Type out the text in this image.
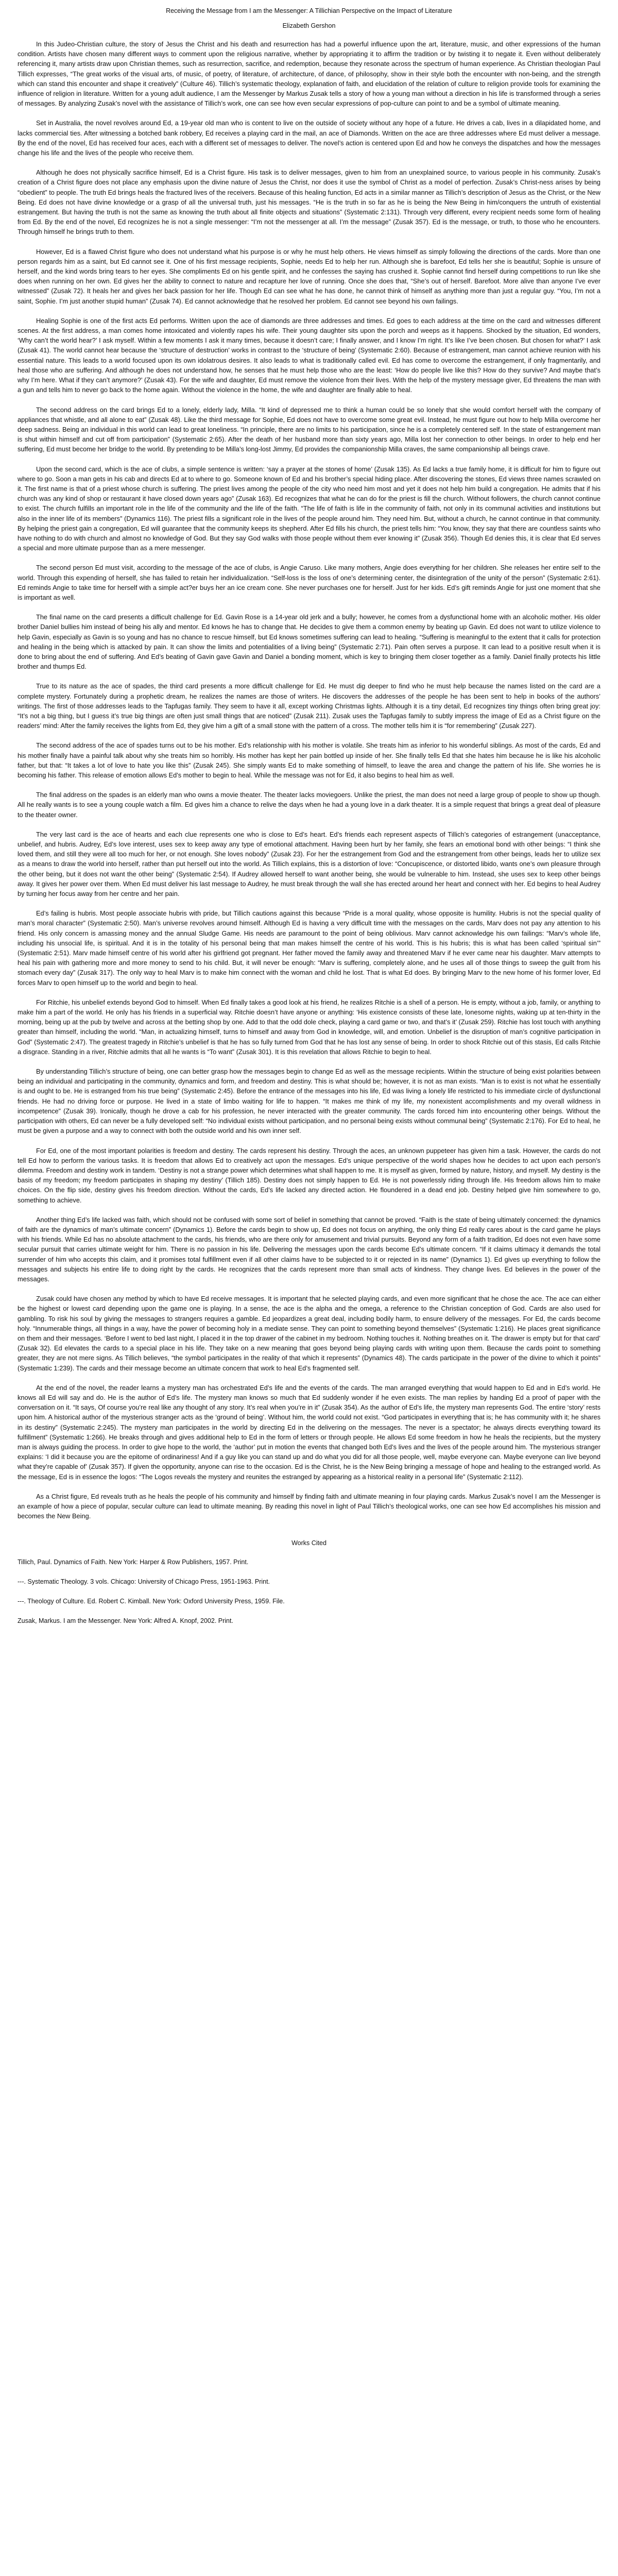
Receiving the Message from I am the Messenger: A Tillichian Perspective on the Impact of Literature
Elizabeth Gershon

In this Judeo-Christian culture, the story of Jesus the Christ and his death and resurrection has had a powerful influence upon the art, literature, music, and other expressions of the human condition. Artists have chosen many different ways to comment upon the religious narrative, whether by appropriating it to affirm the tradition or by twisting it to negate it. Even without deliberately referencing it, many artists draw upon Christian themes, such as resurrection, sacrifice, and redemption, because they resonate across the spectrum of human experience. As Christian theologian Paul Tillich expresses, “The great works of the visual arts, of music, of poetry, of literature, of architecture, of dance, of philosophy, show in their style both the encounter with non-being, and the strength which can stand this encounter and shape it creatively” (Culture 46). Tillich’s systematic theology, explanation of faith, and elucidation of the relation of culture to religion provide tools for examining the influence of religion in literature. Written for a young adult audience, I am the Messenger by Markus Zusak tells a story of how a young man without a direction in his life is transformed through a series of messages. By analyzing Zusak’s novel with the assistance of Tillich’s work, one can see how even secular expressions of pop-culture can point to and be a symbol of ultimate meaning.

Set in Australia, the novel revolves around Ed, a 19-year old man who is content to live on the outside of society without any hope of a future. He drives a cab, lives in a dilapidated home, and lacks commercial ties. After witnessing a botched bank robbery, Ed receives a playing card in the mail, an ace of Diamonds. Written on the ace are three addresses where Ed must deliver a message. By the end of the novel, Ed has received four aces, each with a different set of messages to deliver. The novel’s action is centered upon Ed and how he conveys the dispatches and how the messages change his life and the lives of the people who receive them.

Although he does not physically sacrifice himself, Ed is a Christ figure. His task is to deliver messages, given to him from an unexplained source, to various people in his community. Zusak’s creation of a Christ figure does not place any emphasis upon the divine nature of Jesus the Christ, nor does it use the symbol of Christ as a model of perfection. Zusak’s Christ-ness arises by being “obedient” to people. The truth Ed brings heals the fractured lives of the receivers. Because of this healing function, Ed acts in a similar manner as Tillich’s description of Jesus as the Christ, or the New Being. Ed does not have divine knowledge or a grasp of all the universal truth, just his messages. “He is the truth in so far as he is being the New Being in him/conquers the untruth of existential estrangement. But having the truth is not the same as knowing the truth about all finite objects and situations” (Systematic 2:131). Through very different, every recipient needs some form of healing from Ed. By the end of the novel, Ed recognizes he is not a single messenger: “I’m not the messenger at all. I’m the message” (Zusak 357). Ed is the message, or truth, to those who he encounters. Through himself he brings truth to them.

However, Ed is a flawed Christ figure who does not understand what his purpose is or why he must help others. He views himself as simply following the directions of the cards. More than one person regards him as a saint, but Ed cannot see it. One of his first message recipients, Sophie, needs Ed to help her run. Although she is barefoot, Ed tells her she is beautiful; Sophie is unsure of herself, and the kind words bring tears to her eyes. She compliments Ed on his gentle spirit, and he confesses the saying has crushed it. Sophie cannot find herself during competitions to run like she does when running on her own. Ed gives her the ability to connect to nature and recapture her love of running. Once she does that, “She’s out of herself. Barefoot. More alive than anyone I’ve ever witnessed” (Zusak 72). It heals her and gives her back passion for her life. Though Ed can see what he has done, he cannot think of himself as anything more than just a regular guy. “You, I’m not a saint, Sophie. I’m just another stupid human” (Zusak 74). Ed cannot acknowledge that he resolved her problem. Ed cannot see beyond his own failings.

Healing Sophie is one of the first acts Ed performs. Written upon the ace of diamonds are three addresses and times. Ed goes to each address at the time on the card and witnesses different scenes. At the first address, a man comes home intoxicated and violently rapes his wife. Their young daughter sits upon the porch and weeps as it happens. Shocked by the situation, Ed wonders, ‘Why can’t the world hear?’ I ask myself. Within a few moments I ask it many times, because it doesn’t care; I finally answer, and I know I’m right. It’s like I’ve been chosen. But chosen for what?’ I ask (Zusak 41). The world cannot hear because the ‘structure of destruction’ works in contrast to the ‘structure of being’ (Systematic 2:60). Because of estrangement, man cannot achieve reunion with his essential nature. This leads to a world focused upon its own idolatrous desires. It also leads to what is traditionally called evil. Ed has come to overcome the estrangement, if only fragmentarily, and heal those who are suffering. And although he does not understand how, he senses that he must help those who are the least: ‘How do people live like this? How do they survive? And maybe that’s why I’m here. What if they can’t anymore?’ (Zusak 43). For the wife and daughter, Ed must remove the violence from their lives. With the help of the mystery message giver, Ed threatens the man with a gun and tells him to never go back to the home again. Without the violence in the home, the wife and daughter are finally able to heal.

The second address on the card brings Ed to a lonely, elderly lady, Milla. “It kind of depressed me to think a human could be so lonely that she would comfort herself with the company of appliances that whistle, and all alone to eat” (Zusak 48). Like the third message for Sophie, Ed does not have to overcome some great evil. Instead, he must figure out how to help Milla overcome her deep sadness. Being an individual in this world can lead to great loneliness. “In principle, there are no limits to his participation, since he is a completely centered self. In the state of estrangement man is shut within himself and cut off from participation” (Systematic 2:65). After the death of her husband more than sixty years ago, Milla lost her connection to other beings. In order to help end her suffering, Ed must become her bridge to the world. By pretending to be Milla’s long-lost Jimmy, Ed provides the companionship Milla craves, the same companionship all beings crave.

Upon the second card, which is the ace of clubs, a simple sentence is written: ‘say a prayer at the stones of home’ (Zusak 135). As Ed lacks a true family home, it is difficult for him to figure out where to go. Soon a man gets in his cab and directs Ed at to where to go. Someone known of Ed and his brother’s special hiding place. After discovering the stones, Ed views three names scrawled on it. The first name is that of a priest whose church is suffering. The priest lives among the people of the city who need him most and yet it does not help him build a congregation. He admits that if his church was any kind of shop or restaurant it have closed down years ago” (Zusak 163). Ed recognizes that what he can do for the priest is fill the church. Without followers, the church cannot continue to exist. The church fulfills an important role in the life of the community and the life of the faith. “The life of faith is life in the community of faith, not only in its communal activities and institutions but also in the inner life of its members” (Dynamics 116). The priest fills a significant role in the lives of the people around him. They need him. But, without a church, he cannot continue in that community. By helping the priest gain a congregation, Ed will guarantee that the community keeps its shepherd. After Ed fills his church, the priest tells him: “You know, they say that there are countless saints who have nothing to do with church and almost no knowledge of God. But they say God walks with those people without them ever knowing it” (Zusak 356). Though Ed denies this, it is clear that Ed serves a special and more ultimate purpose than as a mere messenger.

The second person Ed must visit, according to the message of the ace of clubs, is Angie Caruso. Like many mothers, Angie does everything for her children. She releases her entire self to the world. Through this expending of herself, she has failed to retain her individualization. “Self-loss is the loss of one’s determining center, the disintegration of the unity of the person” (Systematic 2:61). Ed reminds Angie to take time for herself with a simple act?er buys her an ice cream cone. She never purchases one for herself. Just for her kids. Ed’s gift reminds Angie for just one moment that she is important as well.

The final name on the card presents a difficult challenge for Ed. Gavin Rose is a 14-year old jerk and a bully; however, he comes from a dysfunctional home with an alcoholic mother. His older brother Daniel bullies him instead of being his ally and mentor. Ed knows he has to change that. He decides to give them a common enemy by beating up Gavin. Ed does not want to utilize violence to help Gavin, especially as Gavin is so young and has no chance to rescue himself, but Ed knows sometimes suffering can lead to healing. “Suffering is meaningful to the extent that it calls for protection and healing in the being which is attacked by pain. It can show the limits and potentialities of a living being” (Systematic 2:71). Pain often serves a purpose. It can lead to a positive result when it is done to bring about the end of suffering. And Ed’s beating of Gavin gave Gavin and Daniel a bonding moment, which is key to bringing them closer together as a family. Daniel finally protects his little brother and thumps Ed.

True to its nature as the ace of spades, the third card presents a more difficult challenge for Ed. He must dig deeper to find who he must help because the names listed on the card are a complete mystery. Fortunately during a prophetic dream, he realizes the names are those of writers. He discovers the addresses of the people he has been sent to help in books of the authors’ writings. The first of those addresses leads to the Tapfugas family. They seem to have it all, except working Christmas lights. Although it is a tiny detail, Ed recognizes tiny things often bring great joy: “It’s not a big thing, but I guess it’s true big things are often just small things that are noticed” (Zusak 211). Zusak uses the Tapfugas family to subtly impress the image of Ed as a Christ figure on the readers’ mind: After the family receives the lights from Ed, they give him a gift of a small stone with the pattern of a cross. The mother tells him it is “for remembering” (Zusak 227).

The second address of the ace of spades turns out to be his mother. Ed’s relationship with his mother is volatile. She treats him as inferior to his wonderful siblings. As most of the cards, Ed and his mother finally have a painful talk about why she treats him so horribly. His mother has kept her pain bottled up inside of her. She finally tells Ed that she hates him because he is like his alcoholic father, but that: “It takes a lot of love to hate you like this” (Zusak 245). She simply wants Ed to make something of himself, to leave the area and change the pattern of his life. She worries he is becoming his father. This release of emotion allows Ed’s mother to begin to heal. While the message was not for Ed, it also begins to heal him as well.

The final address on the spades is an elderly man who owns a movie theater. The theater lacks moviegoers. Unlike the priest, the man does not need a large group of people to show up though. All he really wants is to see a young couple watch a film. Ed gives him a chance to relive the days when he had a young love in a dark theater. It is a simple request that brings a great deal of pleasure to the theater owner.

The very last card is the ace of hearts and each clue represents one who is close to Ed’s heart. Ed’s friends each represent aspects of Tillich’s categories of estrangement (unacceptance, unbelief, and hubris. Audrey, Ed’s love interest, uses sex to keep away any type of emotional attachment. Having been hurt by her family, she fears an emotional bond with other beings: “I think she loved them, and still they were all too much for her, or not enough. She loves nobody” (Zusak 23). For her the estrangement from God and the estrangement from other beings, leads her to utilize sex as a means to draw the world into herself, rather than put herself out into the world. As Tillich explains, this is a distortion of love: “Concupiscence, or distorted libido, wants one’s own pleasure through the other being, but it does not want the other being” (Systematic 2:54). If Audrey allowed herself to want another being, she would be vulnerable to him. Instead, she uses sex to keep other beings away. It gives her power over them. When Ed must deliver his last message to Audrey, he must break through the wall she has erected around her heart and connect with her. Ed begins to heal Audrey by turning her focus away from her centre and her pain.

Ed’s failing is hubris. Most people associate hubris with pride, but Tillich cautions against this because “Pride is a moral quality, whose opposite is humility. Hubris is not the special quality of man’s moral character” (Systematic 2:50). Man’s universe revolves around himself. Although Ed is having a very difficult time with the messages on the cards, Marv does not pay any attention to his friend. His only concern is amassing money and the annual Sludge Game. His needs are paramount to the point of being oblivious. Marv cannot acknowledge his own failings: “Marv’s whole life, including his unsocial life, is spiritual. And it is in the totality of his personal being that man makes himself the centre of his world. This is his hubris; this is what has been called ‘spiritual sin’” (Systematic 2:51). Marv made himself centre of his world after his girlfriend got pregnant. Her father moved the family away and threatened Marv if he ever came near his daughter. Marv attempts to heal his pain with gathering more and more money to send to his child. But, it will never be enough: “Marv is suffering, completely alone, and he uses all of those things to sweep the guilt from his stomach every day” (Zusak 317). The only way to heal Marv is to make him connect with the woman and child he lost. That is what Ed does. By bringing Marv to the new home of his former lover, Ed forces Marv to open himself up to the world and begin to heal.

For Ritchie, his unbelief extends beyond God to himself. When Ed finally takes a good look at his friend, he realizes Ritchie is a shell of a person. He is empty, without a job, family, or anything to make him a part of the world. He only has his friends in a superficial way. Ritchie doesn’t have anyone or anything: ‘His existence consists of these late, lonesome nights, waking up at ten-thirty in the morning, being up at the pub by twelve and across at the betting shop by one. Add to that the odd dole check, playing a card game or two, and that’s it’ (Zusak 259). Ritchie has lost touch with anything greater than himself, including the world. “Man, in actualizing himself, turns to himself and away from God in knowledge, will, and emotion. Unbelief is the disruption of man’s cognitive participation in God” (Systematic 2:47). The greatest tragedy in Ritchie’s unbelief is that he has so fully turned from God that he has lost any sense of being. In order to shock Ritchie out of this stasis, Ed calls Ritchie a disgrace. Standing in a river, Ritchie admits that all he wants is “To want” (Zusak 301). It is this revelation that allows Ritchie to begin to heal.

By understanding Tillich’s structure of being, one can better grasp how the messages begin to change Ed as well as the message recipients. Within the structure of being exist polarities between being an individual and participating in the community, dynamics and form, and freedom and destiny. This is what should be; however, it is not as man exists. “Man is to exist is not what he essentially is and ought to be. He is estranged from his true being” (Systematic 2:45). Before the entrance of the messages into his life, Ed was living a lonely life restricted to his immediate circle of dysfunctional friends. He had no driving force or purpose. He lived in a state of limbo waiting for life to happen. “It makes me think of my life, my nonexistent accomplishments and my overall wildness in incompetence” (Zusak 39). Ironically, though he drove a cab for his profession, he never interacted with the greater community. The cards forced him into encountering other beings. Without the participation with others, Ed can never be a fully developed self: “No individual exists without participation, and no personal being exists without communal being” (Systematic 2:176). For Ed to heal, he must be given a purpose and a way to connect with both the outside world and his own inner self.

For Ed, one of the most important polarities is freedom and destiny. The cards represent his destiny. Through the aces, an unknown puppeteer has given him a task. However, the cards do not tell Ed how to perform the various tasks. It is freedom that allows Ed to creatively act upon the messages. Ed’s unique perspective of the world shapes how he decides to act upon each person’s dilemma. Freedom and destiny work in tandem. ‘Destiny is not a strange power which determines what shall happen to me. It is myself as given, formed by nature, history, and myself. My destiny is the basis of my freedom; my freedom participates in shaping my destiny’ (Tillich 185). Destiny does not simply happen to Ed. He is not powerlessly riding through life. His freedom allows him to make choices. On the flip side, destiny gives his freedom direction. Without the cards, Ed’s life lacked any directed action. He floundered in a dead end job. Destiny helped give him somewhere to go, something to achieve.

Another thing Ed’s life lacked was faith, which should not be confused with some sort of belief in something that cannot be proved. “Faith is the state of being ultimately concerned: the dynamics of faith are the dynamics of man’s ultimate concern” (Dynamics 1). Before the cards begin to show up, Ed does not focus on anything, the only thing Ed really cares about is the card game he plays with his friends. While Ed has no absolute attachment to the cards, his friends, who are there only for amusement and trivial pursuits. Beyond any form of a faith tradition, Ed does not even have some secular pursuit that carries ultimate weight for him. There is no passion in his life. Delivering the messages upon the cards become Ed’s ultimate concern. “If it claims ultimacy it demands the total surrender of him who accepts this claim, and it promises total fulfillment even if all other claims have to be subjected to it or rejected in its name” (Dynamics 1). Ed gives up everything to follow the messages and subjects his entire life to doing right by the cards. He recognizes that the cards represent more than small acts of kindness. They change lives. Ed believes in the power of the messages.

Zusak could have chosen any method by which to have Ed receive messages. It is important that he selected playing cards, and even more significant that he chose the ace. The ace can either be the highest or lowest card depending upon the game one is playing. In a sense, the ace is the alpha and the omega, a reference to the Christian conception of God. Cards are also used for gambling. To risk his soul by giving the messages to strangers requires a gamble. Ed jeopardizes a great deal, including bodily harm, to ensure delivery of the messages. For Ed, the cards become holy. “Innumerable things, all things in a way, have the power of becoming holy in a mediate sense. They can point to something beyond themselves” (Systematic 1:216). He places great significance on them and their messages. ‘Before I went to bed last night, I placed it in the top drawer of the cabinet in my bedroom. Nothing touches it. Nothing breathes on it. The drawer is empty but for that card’ (Zusak 32). Ed elevates the cards to a special place in his life. They take on a new meaning that goes beyond being playing cards with writing upon them. Because the cards point to something greater, they are not mere signs. As Tillich believes, “the symbol participates in the reality of that which it represents” (Dynamics 48). The cards participate in the power of the divine to which it points” (Systematic 1:239). The cards and their message become an ultimate concern that work to heal Ed’s fragmented self.

At the end of the novel, the reader learns a mystery man has orchestrated Ed’s life and the events of the cards. The man arranged everything that would happen to Ed and in Ed’s world. He knows all Ed will say and do. He is the author of Ed’s life. The mystery man knows so much that Ed suddenly wonder if he even exists. The man replies by handing Ed a proof of paper with the conversation on it. “It says, Of course you’re real like any thought of any story. It’s real when you’re in it” (Zusak 354). As the author of Ed’s life, the mystery man represents God. The entire ‘story’ rests upon him. A historical author of the mysterious stranger acts as the ‘ground of being’. Without him, the world could not exist. “God participates in everything that is; he has community with it; he shares in its destiny” (Systematic 2:245). The mystery man participates in the world by directing Ed in the delivering on the messages. The never is a spectator; he always directs everything toward its fulfillment” (Systematic 1:266). He breaks through and gives additional help to Ed in the form of letters or through people. He allows Ed some freedom in how he heals the recipients, but the mystery man is always guiding the process. In order to give hope to the world, the ‘author’ put in motion the events that changed both Ed’s lives and the lives of the people around him. The mysterious stranger explains: ‘I did it because you are the epitome of ordinariness! And if a guy like you can stand up and do what you did for all those people, well, maybe everyone can. Maybe everyone can live beyond what they’re capable of’ (Zusak 357). If given the opportunity, anyone can rise to the occasion. Ed is the Christ, he is the New Being bringing a message of hope and healing to the estranged world. As the message, Ed is in essence the logos: “The Logos reveals the mystery and reunites the estranged by appearing as a historical reality in a personal life” (Systematic 2:112).

As a Christ figure, Ed reveals truth as he heals the people of his community and himself by finding faith and ultimate meaning in four playing cards. Markus Zusak’s novel I am the Messenger is an example of how a piece of popular, secular culture can lead to ultimate meaning. By reading this novel in light of Paul Tillich’s theological works, one can see how Ed accomplishes his mission and becomes the New Being.

Works Cited

Tillich, Paul. Dynamics of Faith. New York: Harper & Row Publishers, 1957. Print.

---. Systematic Theology. 3 vols. Chicago: University of Chicago Press, 1951-1963. Print.

---. Theology of Culture. Ed. Robert C. Kimball. New York: Oxford University Press, 1959. File.

Zusak, Markus. I am the Messenger. New York: Alfred A. Knopf, 2002. Print.
